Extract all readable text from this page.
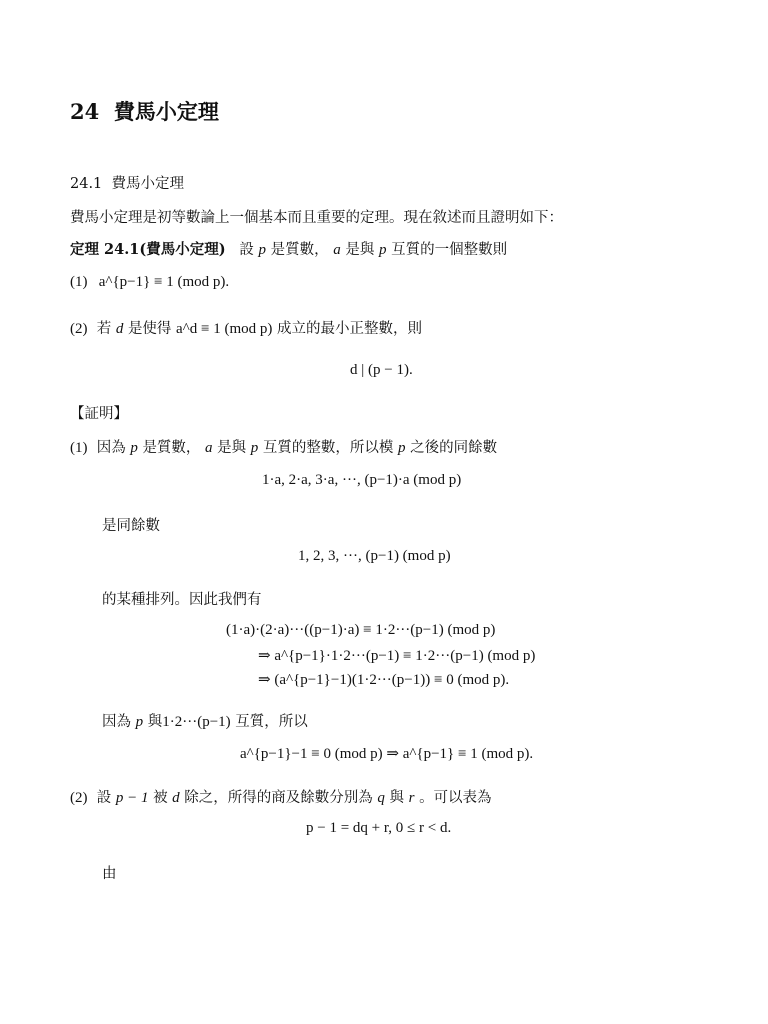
24 費馬小定理
24.1 費馬小定理
費馬小定理是初等數論上一個基本而且重要的定理。現在敘述而且證明如下：
定理 24.1(費馬小定理) 設 p 是質數， a 是與 p 互質的一個整數則
(1) a^{p−1} ≡ 1 (mod p).
(2) 若 d 是使得 a^d ≡ 1 (mod p) 成立的最小正整數，則
d | (p − 1).
【証明】
(1) 因為 p 是質數， a 是與 p 互質的整數，所以模 p 之後的同餘數
1·a, 2·a, 3·a, ···, (p−1)·a (mod p)
是同餘數
1, 2, 3, ···, (p−1) (mod p)
的某種排列。因此我們有
(1·a)·(2·a)···((p−1)·a) ≡ 1·2···(p−1) (mod p)
⇒ a^{p−1}·1·2···(p−1) ≡ 1·2···(p−1) (mod p)
⇒ (a^{p−1}−1)(1·2···(p−1)) ≡ 0 (mod p).
因為 p 與1·2···(p−1) 互質，所以
a^{p−1}−1 ≡ 0 (mod p) ⇒ a^{p−1} ≡ 1 (mod p).
(2) 設 p − 1 被 d 除之，所得的商及餘數分別為 q 與 r 。可以表為
p − 1 = dq + r, 0 ≤ r < d.
由
